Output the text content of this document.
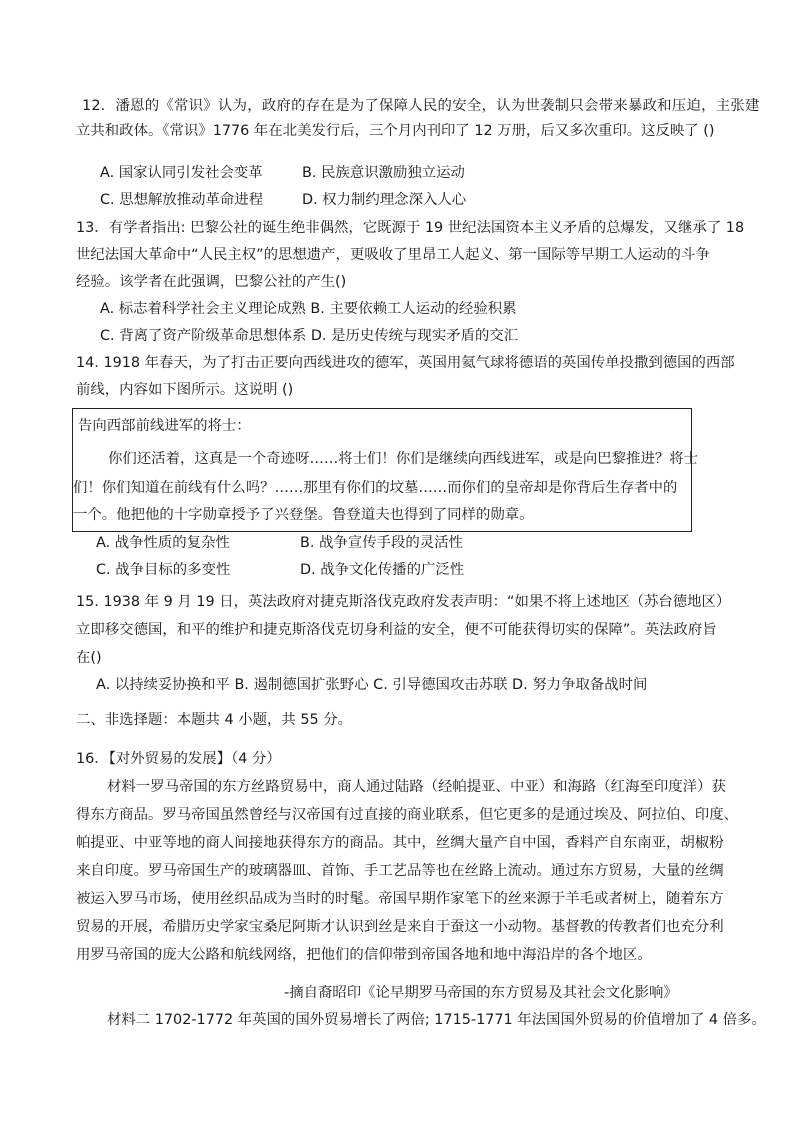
12．潘恩的《常识》认为，政府的存在是为了保障人民的安全，认为世袭制只会带来暴政和压迫，主张建
立共和政体。《常识》1776 年在北美发行后，三个月内刊印了 12 万册，后又多次重印。这反映了 ()
A. 国家认同引发社会变革	B. 民族意识激励独立运动
C. 思想解放推动革命进程	D. 权力制约理念深入人心
13．有学者指出: 巴黎公社的诞生绝非偶然，它既源于 19 世纪法国资本主义矛盾的总爆发，又继承了 18
世纪法国大革命中“人民主权”的思想遗产，更吸收了里昂工人起义、第一国际等早期工人运动的斗争
经验。该学者在此强调，巴黎公社的产生()
A. 标志着科学社会主义理论成熟 B. 主要依赖工人运动的经验积累
C. 背离了资产阶级革命思想体系 D. 是历史传统与现实矛盾的交汇
14. 1918 年春天，为了打击正要向西线进攻的德军，英国用氦气球将德语的英国传单投撒到德国的西部
前线，内容如下图所示。这说明 ()
告向西部前线进军的将士：
你们还活着，这真是一个奇迹呀……将士们！你们是继续向西线进军，或是向巴黎推进？将士
们！你们知道在前线有什么吗？……那里有你们的坟墓……而你们的皇帝却是你背后生存者中的
一个。他把他的十字勋章授予了兴登堡。鲁登道夫也得到了同样的勋章。
A. 战争性质的复杂性	B. 战争宣传手段的灵活性
C. 战争目标的多变性	D. 战争文化传播的广泛性
15. 1938 年 9 月 19 日，英法政府对捷克斯洛伐克政府发表声明：“如果不将上述地区（苏台德地区）
立即移交德国，和平的维护和捷克斯洛伐克切身利益的安全，便不可能获得切实的保障”。英法政府旨
在()
A. 以持续妥协换和平 B. 遏制德国扩张野心 C. 引导德国攻击苏联 D. 努力争取备战时间
二、非选择题：本题共 4 小题，共 55 分。
16．【对外贸易的发展】（4 分）
材料一罗马帝国的东方丝路贸易中，商人通过陆路（经帕提亚、中亚）和海路（红海至印度洋）获
得东方商品。罗马帝国虽然曾经与汉帝国有过直接的商业联系，但它更多的是通过埃及、阿拉伯、印度、
帕提亚、中亚等地的商人间接地获得东方的商品。其中，丝绸大量产自中国，香料产自东南亚，胡椒粉
来自印度。罗马帝国生产的玻璃器皿、首饰、手工艺品等也在丝路上流动。通过东方贸易，大量的丝绸
被运入罗马市场，使用丝织品成为当时的时髦。帝国早期作家笔下的丝来源于羊毛或者树上，随着东方
贸易的开展，希腊历史学家宝桑尼阿斯才认识到丝是来自于蚕这一小动物。基督教的传教者们也充分利
用罗马帝国的庞大公路和航线网络，把他们的信仰带到帝国各地和地中海沿岸的各个地区。
-摘自裔昭印《论早期罗马帝国的东方贸易及其社会文化影响》
材料二 1702-1772 年英国的国外贸易增长了两倍; 1715-1771 年法国国外贸易的价值增加了 4 倍多。
